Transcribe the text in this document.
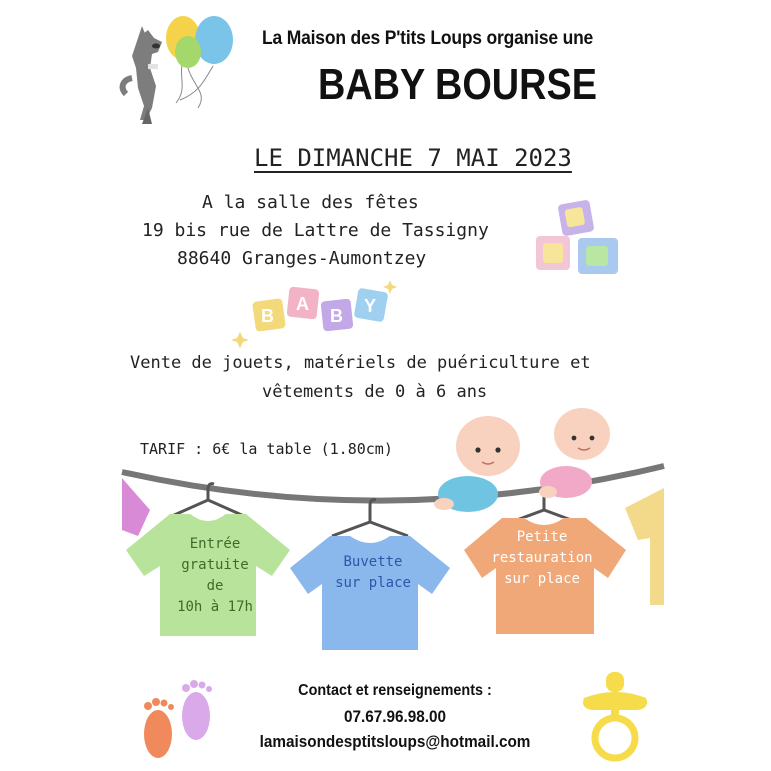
La Maison des P'tits Loups organise une
BABY BOURSE
LE DIMANCHE 7 MAI 2023
A la salle des fêtes
19 bis rue de Lattre de Tassigny
88640 Granges-Aumontzey
B
A
B Y
Vente de jouets, matériels de puériculture et
vêtements de 0 à 6 ans
TARIF : 6€ la table (1.80cm)
Entrée
gratuite
de
10h à 17h
Buvette
sur place
Petite
restauration
sur place
Contact et renseignements :
07.67.96.98.00
lamaisondesptitsloups@hotmail.com
